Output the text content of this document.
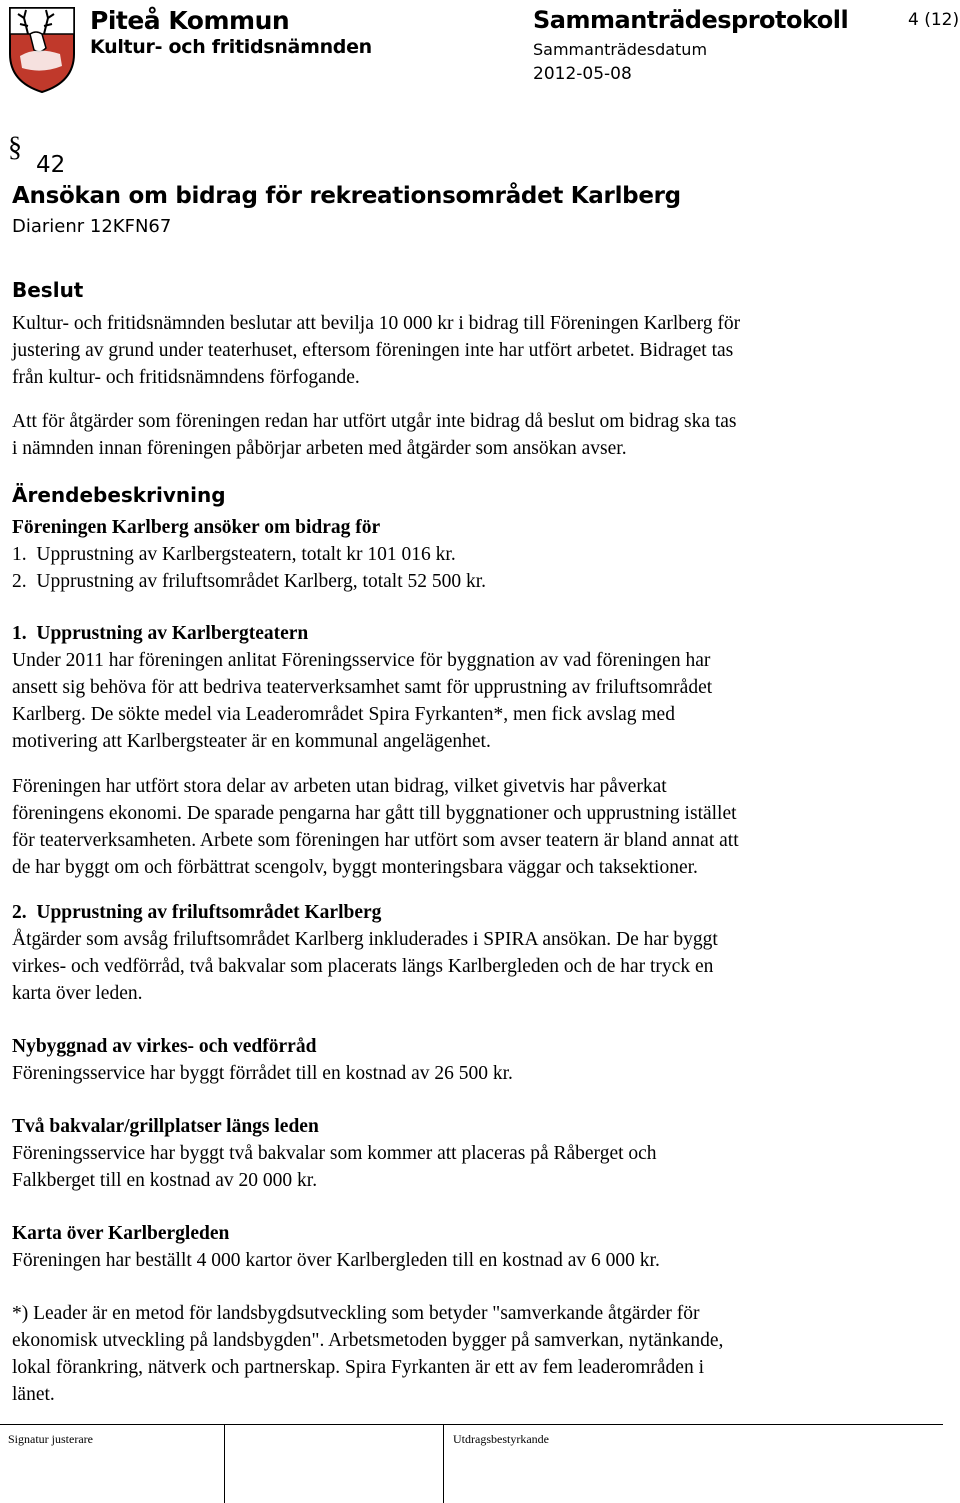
Piteå Kommun
Kultur- och fritidsnämnden
Sammanträdesprotokoll
Sammanträdesdatum
2012-05-08
4 (12)
§
42
Ansökan om bidrag för rekreationsområdet Karlberg
Diarienr 12KFN67
Beslut

Kultur- och fritidsnämnden beslutar att bevilja 10 000 kr i bidrag till Föreningen Karlberg för

justering av grund under teaterhuset, eftersom föreningen inte har utfört arbetet. Bidraget tas

från kultur- och fritidsnämndens förfogande.

Att för åtgärder som föreningen redan har utfört utgår inte bidrag då beslut om bidrag ska tas

i nämnden innan föreningen påbörjar arbeten med åtgärder som ansökan avser.

Ärendebeskrivning

Föreningen Karlberg ansöker om bidrag för

1.  Upprustning av Karlbergsteatern, totalt kr 101 016 kr.

2.  Upprustning av friluftsområdet Karlberg, totalt 52 500 kr.

1.  Upprustning av Karlbergteatern

Under 2011 har föreningen anlitat Föreningsservice för byggnation av vad föreningen har

ansett sig behöva för att bedriva teaterverksamhet samt för upprustning av friluftsområdet

Karlberg. De sökte medel via Leaderområdet Spira Fyrkanten*, men fick avslag med

motivering att Karlbergsteater är en kommunal angelägenhet.

Föreningen har utfört stora delar av arbeten utan bidrag, vilket givetvis har påverkat

föreningens ekonomi. De sparade pengarna har gått till byggnationer och upprustning istället

för teaterverksamheten. Arbete som föreningen har utfört som avser teatern är bland annat att

de har byggt om och förbättrat scengolv, byggt monteringsbara väggar och taksektioner.

2.  Upprustning av friluftsområdet Karlberg

Åtgärder som avsåg friluftsområdet Karlberg inkluderades i SPIRA ansökan. De har byggt

virkes- och vedförråd, två bakvalar som placerats längs Karlbergleden och de har tryck en

karta över leden.

Nybyggnad av virkes- och vedförråd

Föreningsservice har byggt förrådet till en kostnad av 26 500 kr.

Två bakvalar/grillplatser längs leden

Föreningsservice har byggt två bakvalar som kommer att placeras på Råberget och

Falkberget till en kostnad av 20 000 kr.

Karta över Karlbergleden

Föreningen har beställt 4 000 kartor över Karlbergleden till en kostnad av 6 000 kr.

*) Leader är en metod för landsbygdsutveckling som betyder "samverkande åtgärder för

ekonomisk utveckling på landsbygden". Arbetsmetoden bygger på samverkan, nytänkande,

lokal förankring, nätverk och partnerskap. Spira Fyrkanten är ett av fem leaderområden i

länet.

Signatur justerare	Utdragsbestyrkande
